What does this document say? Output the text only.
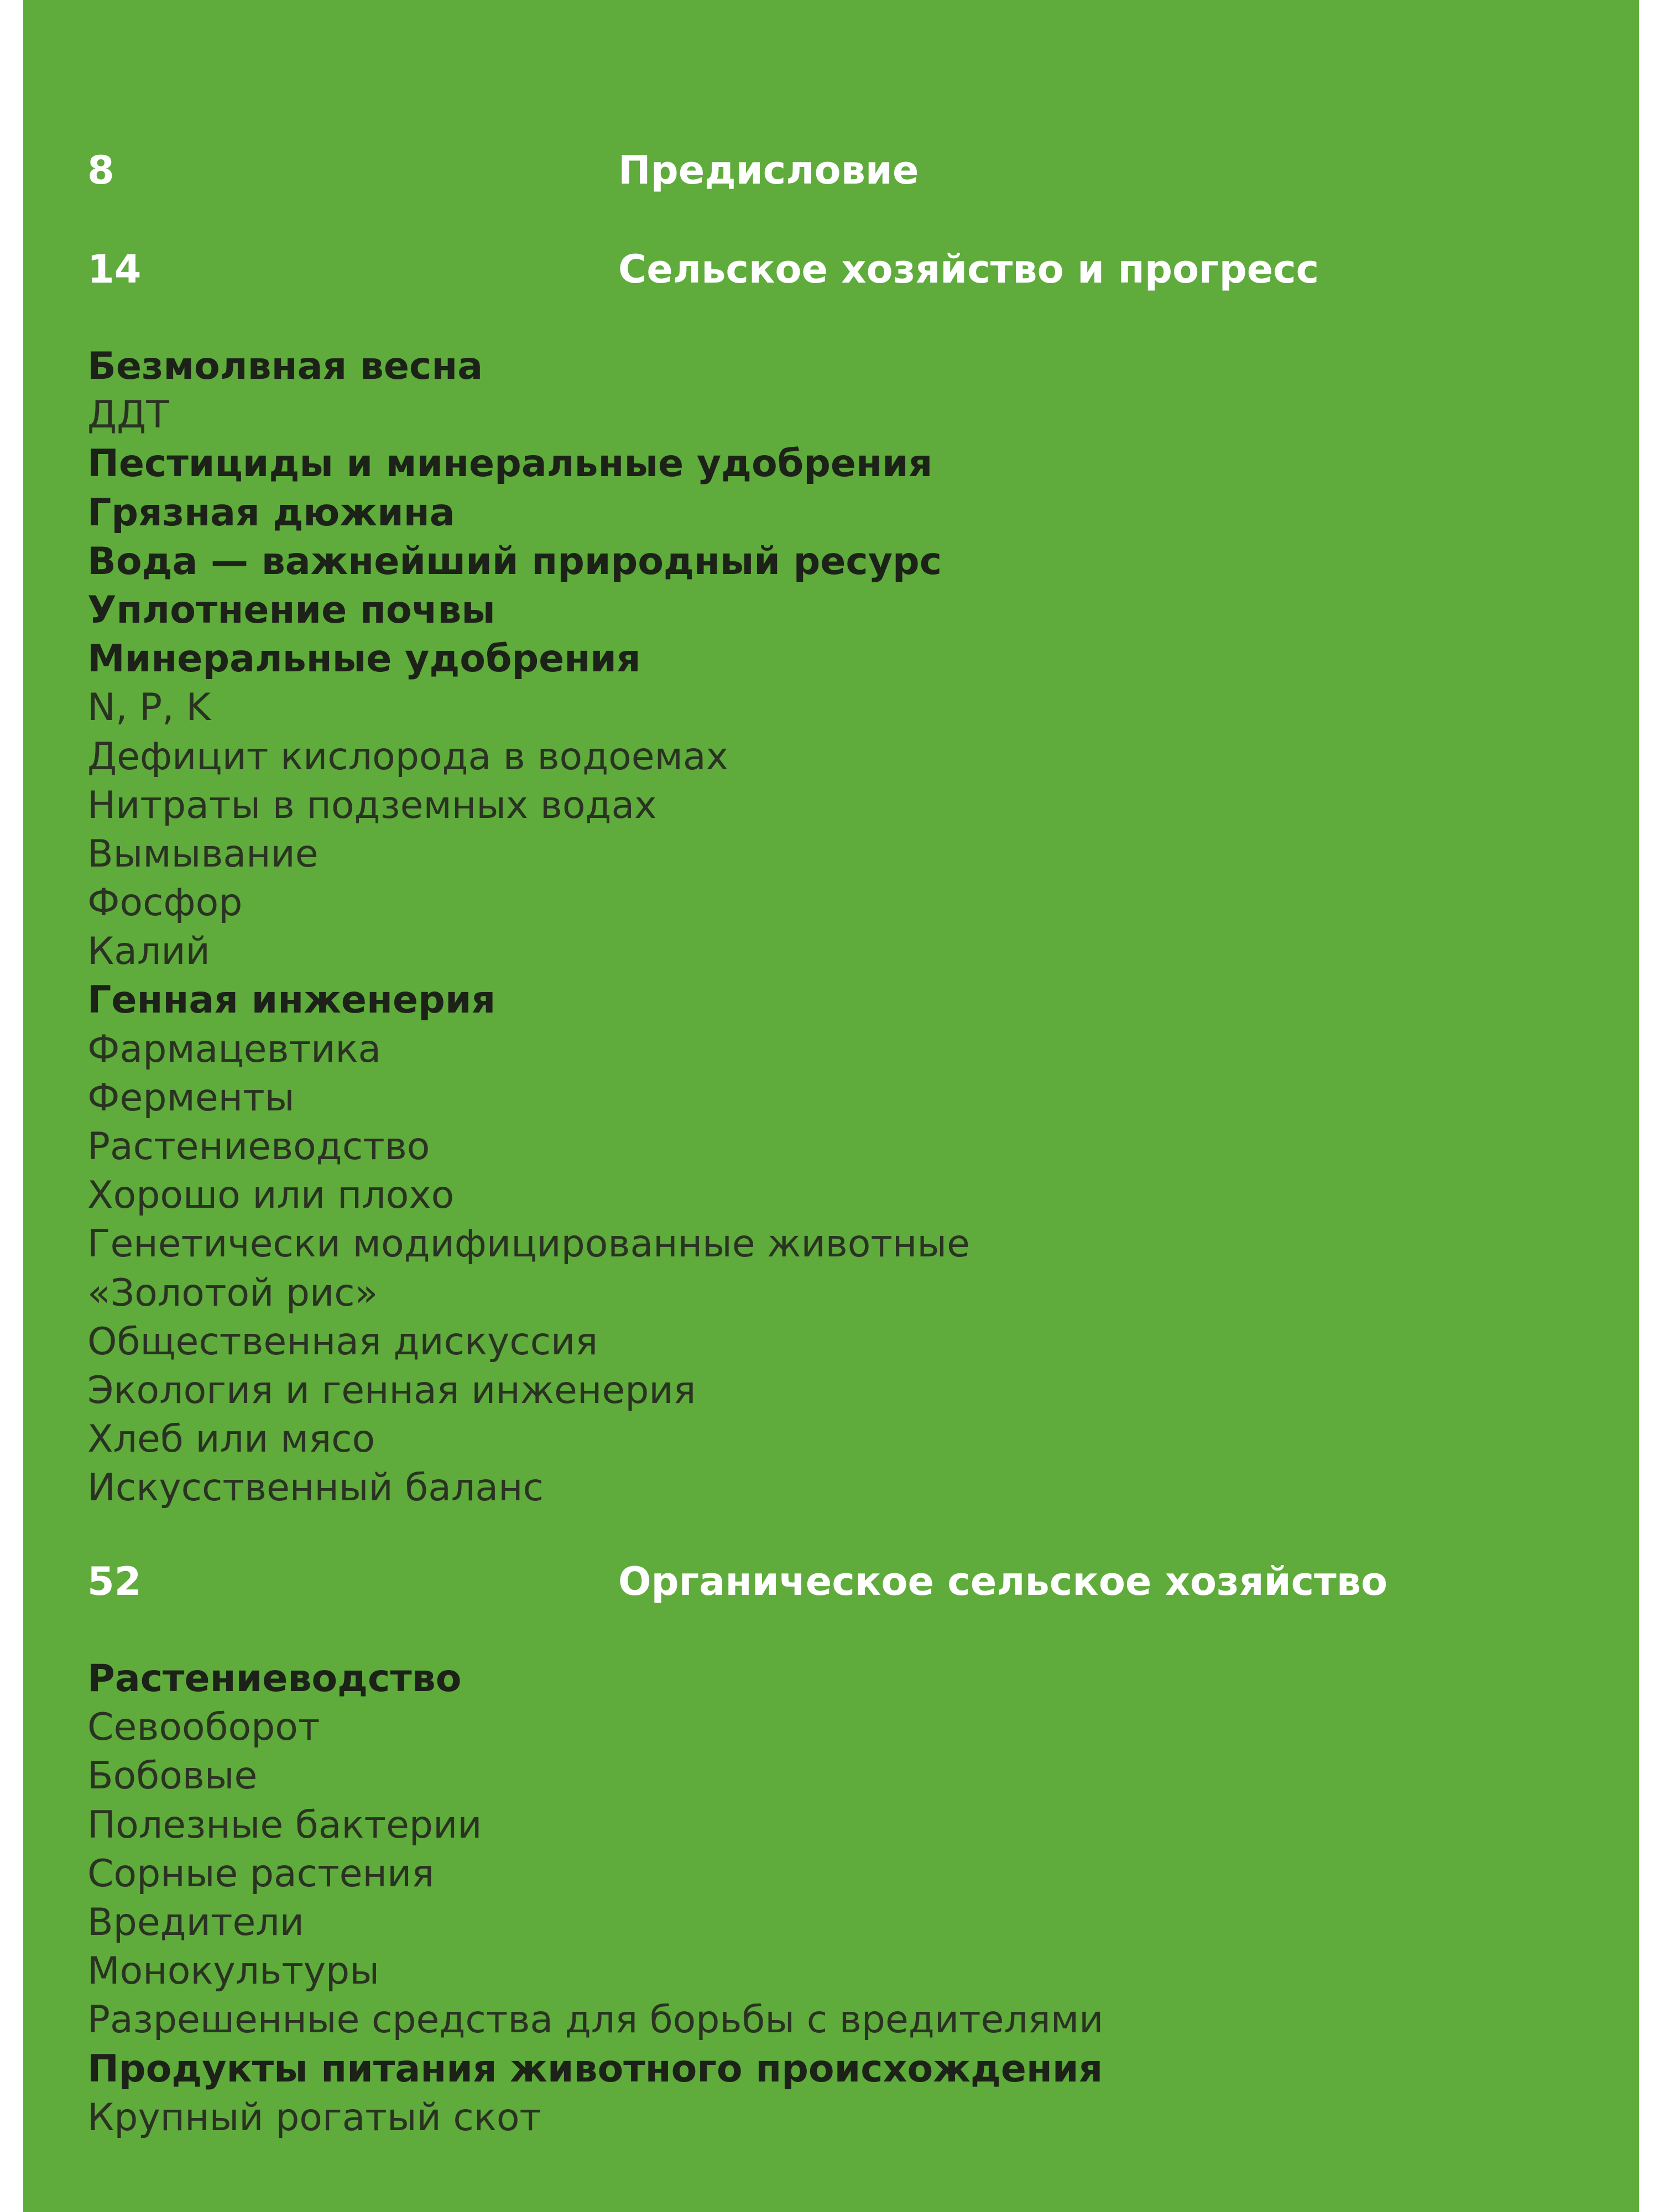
8	Предисловие
14	Сельское хозяйство и прогресс
Безмолвная весна
ДДТ
Пестициды и минеральные удобрения
Грязная дюжина
Вода — важнейший природный ресурс
Уплотнение почвы
Минеральные удобрения
N, P, K
Дефицит кислорода в водоемах
Нитраты в подземных водах
Вымывание
Фосфор
Калий
Генная инженерия
Фармацевтика
Ферменты
Растениеводство
Хорошо или плохо
Генетически модифицированные животные
«Золотой рис»
Общественная дискуссия
Экология и генная инженерия
Хлеб или мясо
Искусственный баланс
52	Органическое сельское хозяйство
Растениеводство
Севооборот
Бобовые
Полезные бактерии
Сорные растения
Вредители
Монокультуры
Разрешенные средства для борьбы с вредителями
Продукты питания животного происхождения
Крупный рогатый скот
